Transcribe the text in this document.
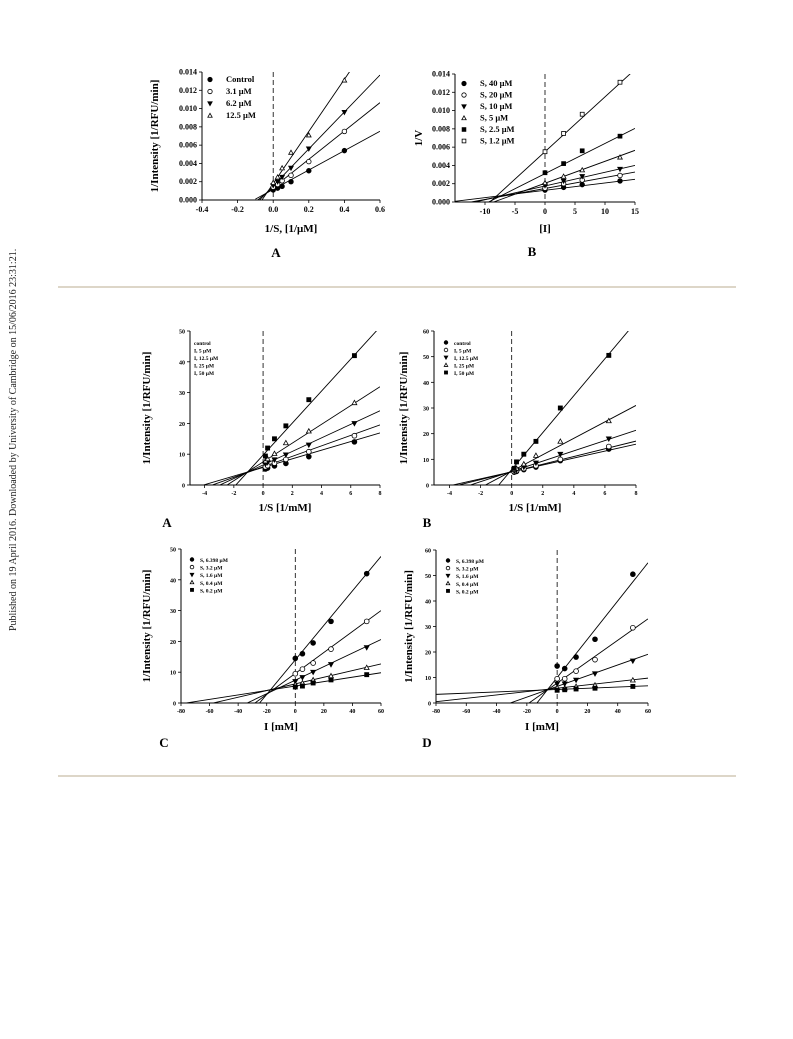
Published on 19 April 2016. Downloaded by University of Cambridge on 15/06/2016 23:31:21.
-0.4	-0.2	0.0	0.2	0.4	0.6
0.000
0.002
0.004
0.006
0.008
0.010
0.012
0.014
Control
3.1 μM
6.2 μM
12.5 μM
1/S, [1/μM]
1/Intensity [1/RFU/min]
A
-10	-5	0	5	10	15
0.000
0.002
0.004
0.006
0.008
0.010
0.012
0.014
S, 40 μM
S, 20 μM
S, 10 μM
S, 5 μM
S, 2.5 μM
S, 1.2 μM
[I]
1/V
B
-4	-2	0	2	4	6	8
0
10
20
30
40
50
control
I, 5 µM
I, 12.5 µM
I, 25 µM
I, 50 µM
1/S [1/mM]
1/Intensity [1/RFU/min]
A
-4	-2	0	2	4	6	8
0
10
20
30
40
50
60
control
I, 5 µM
I, 12.5 µM
I, 25 µM
I, 50 µM
1/S [1/mM]
1/Intensity [1/RFU/min]
B
-80	-60	-40	-20	0	20	40	60
0
10
20
30
40
50
S, 6.398 µM
S, 3.2 µM
S, 1.6 µM
S, 0.4 µM
S, 0.2 µM
I [mM]
1/Intensity [1/RFU/min]
C
-80	-60	-40	-20	0	20	40	60
0
10
20
30
40
50
60
S, 6.398 µM
S, 3.2 µM
S, 1.6 µM
S, 0.4 µM
S, 0.2 µM
I [mM]
1/Intensity [1/RFU/min]
D
